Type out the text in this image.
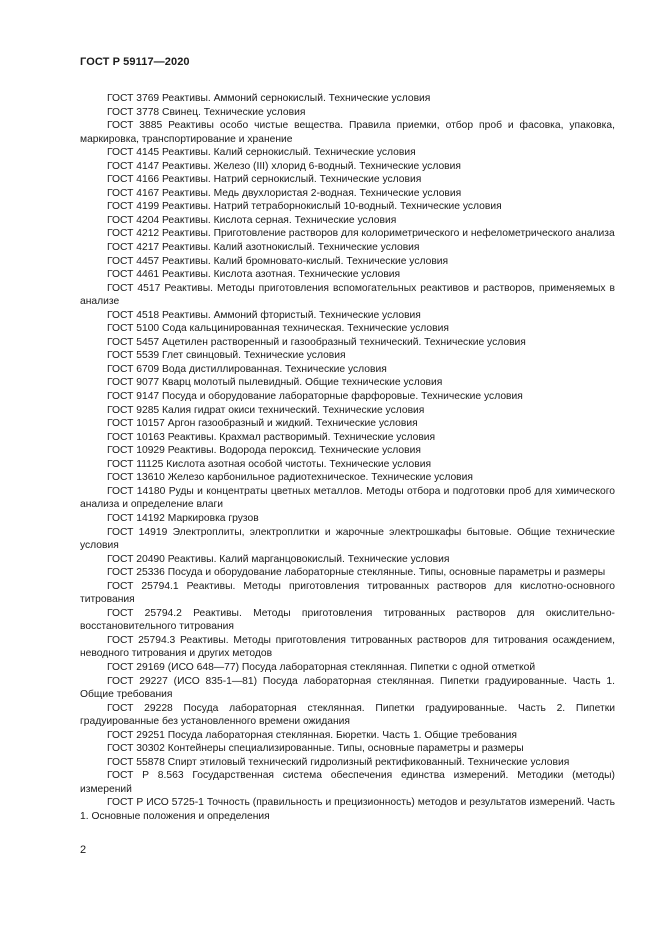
ГОСТ Р 59117—2020

ГОСТ 3769 Реактивы. Аммоний сернокислый. Технические условия

ГОСТ 3778 Свинец. Технические условия

ГОСТ 3885 Реактивы особо чистые вещества. Правила приемки, отбор проб и фасовка, упаковка, маркировка, транспортирование и хранение

ГОСТ 4145 Реактивы. Калий сернокислый. Технические условия

ГОСТ 4147 Реактивы. Железо (III) хлорид 6-водный. Технические условия

ГОСТ 4166 Реактивы. Натрий сернокислый. Технические условия

ГОСТ 4167 Реактивы. Медь двухлористая 2-водная. Технические условия

ГОСТ 4199 Реактивы. Натрий тетраборнокислый 10-водный. Технические условия

ГОСТ 4204 Реактивы. Кислота серная. Технические условия

ГОСТ 4212 Реактивы. Приготовление растворов для колориметрического и нефелометрического анализа

ГОСТ 4217 Реактивы. Калий азотнокислый. Технические условия

ГОСТ 4457 Реактивы. Калий бромновато-кислый. Технические условия

ГОСТ 4461 Реактивы. Кислота азотная. Технические условия

ГОСТ 4517 Реактивы. Методы приготовления вспомогательных реактивов и растворов, применяемых в анализе

ГОСТ 4518 Реактивы. Аммоний фтористый. Технические условия

ГОСТ 5100 Сода кальцинированная техническая. Технические условия

ГОСТ 5457 Ацетилен растворенный и газообразный технический. Технические условия

ГОСТ 5539 Глет свинцовый. Технические условия

ГОСТ 6709 Вода дистиллированная. Технические условия

ГОСТ 9077 Кварц молотый пылевидный. Общие технические условия

ГОСТ 9147 Посуда и оборудование лабораторные фарфоровые. Технические условия

ГОСТ 9285 Калия гидрат окиси технический. Технические условия

ГОСТ 10157 Аргон газообразный и жидкий. Технические условия

ГОСТ 10163 Реактивы. Крахмал растворимый. Технические условия

ГОСТ 10929 Реактивы. Водорода пероксид. Технические условия

ГОСТ 11125 Кислота азотная особой чистоты. Технические условия

ГОСТ 13610 Железо карбонильное радиотехническое. Технические условия

ГОСТ 14180 Руды и концентраты цветных металлов. Методы отбора и подготовки проб для химического анализа и определение влаги

ГОСТ 14192 Маркировка грузов

ГОСТ 14919 Электроплиты, электроплитки и жарочные электрошкафы бытовые. Общие технические условия

ГОСТ 20490 Реактивы. Калий марганцовокислый. Технические условия

ГОСТ 25336 Посуда и оборудование лабораторные стеклянные. Типы, основные параметры и размеры

ГОСТ 25794.1 Реактивы. Методы приготовления титрованных растворов для кислотно-основного титрования

ГОСТ 25794.2 Реактивы. Методы приготовления титрованных растворов для окислительно-восстановительного титрования

ГОСТ 25794.3 Реактивы. Методы приготовления титрованных растворов для титрования осаждением, неводного титрования и других методов

ГОСТ 29169 (ИСО 648—77) Посуда лабораторная стеклянная. Пипетки с одной отметкой

ГОСТ 29227 (ИСО 835-1—81) Посуда лабораторная стеклянная. Пипетки градуированные. Часть 1. Общие требования

ГОСТ 29228 Посуда лабораторная стеклянная. Пипетки градуированные. Часть 2. Пипетки градуированные без установленного времени ожидания

ГОСТ 29251 Посуда лабораторная стеклянная. Бюретки. Часть 1. Общие требования

ГОСТ 30302 Контейнеры специализированные. Типы, основные параметры и размеры

ГОСТ 55878 Спирт этиловый технический гидролизный ректификованный. Технические условия

ГОСТ Р 8.563 Государственная система обеспечения единства измерений. Методики (методы) измерений

ГОСТ Р ИСО 5725-1 Точность (правильность и прецизионность) методов и результатов измерений. Часть 1. Основные положения и определения

2
